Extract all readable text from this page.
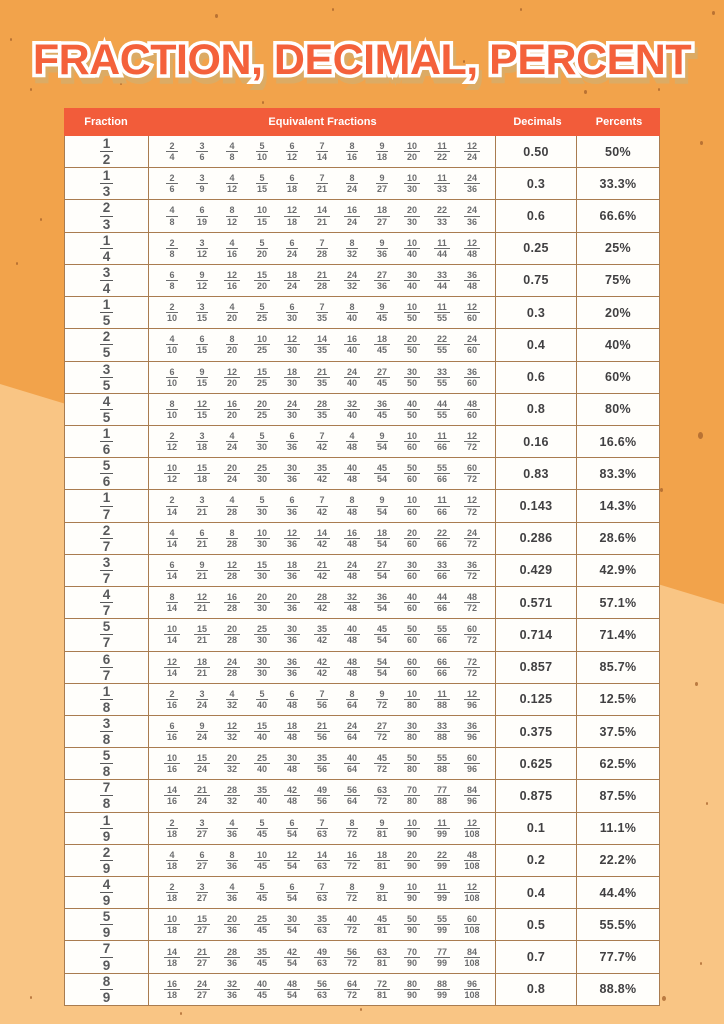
FRACTION, DECIMAL, PERCENT
Fraction	Equivalent Fractions	Decimals	Percents
$\frac{1}{2}$	$\frac{2}{4} \frac{3}{6} \frac{4}{8} \frac{5}{10} \frac{6}{12} \frac{7}{14} \frac{8}{16} \frac{9}{18} \frac{10}{20} \frac{11}{22} \frac{12}{24}$	0.50	50%
$\frac{1}{3}$	$\frac{2}{6} \frac{3}{9} \frac{4}{12} \frac{5}{15} \frac{6}{18} \frac{7}{21} \frac{8}{24} \frac{9}{27} \frac{10}{30} \frac{11}{33} \frac{24}{36}$	0.3	33.3%
$\frac{2}{3}$	$\frac{4}{8} \frac{6}{19} \frac{8}{12} \frac{10}{15} \frac{12}{18} \frac{14}{21} \frac{16}{24} \frac{18}{27} \frac{20}{30} \frac{22}{33} \frac{24}{36}$	0.6	66.6%
$\frac{1}{4}$	$\frac{2}{8} \frac{3}{12} \frac{4}{16} \frac{5}{20} \frac{6}{24} \frac{7}{28} \frac{8}{32} \frac{9}{36} \frac{10}{40} \frac{11}{44} \frac{12}{48}$	0.25	25%
$\frac{3}{4}$	$\frac{6}{8} \frac{9}{12} \frac{12}{16} \frac{15}{20} \frac{18}{24} \frac{21}{28} \frac{24}{32} \frac{27}{36} \frac{30}{40} \frac{33}{44} \frac{36}{48}$	0.75	75%
$\frac{1}{5}$	$\frac{2}{10} \frac{3}{15} \frac{4}{20} \frac{5}{25} \frac{6}{30} \frac{7}{35} \frac{8}{40} \frac{9}{45} \frac{10}{50} \frac{11}{55} \frac{12}{60}$	0.3	20%
$\frac{2}{5}$	$\frac{4}{10} \frac{6}{15} \frac{8}{20} \frac{10}{25} \frac{12}{30} \frac{14}{35} \frac{16}{40} \frac{18}{45} \frac{20}{50} \frac{22}{55} \frac{24}{60}$	0.4	40%
$\frac{3}{5}$	$\frac{6}{10} \frac{9}{15} \frac{12}{20} \frac{15}{25} \frac{18}{30} \frac{21}{35} \frac{24}{40} \frac{27}{45} \frac{30}{50} \frac{33}{55} \frac{36}{60}$	0.6	60%
$\frac{4}{5}$	$\frac{8}{10} \frac{12}{15} \frac{16}{20} \frac{20}{25} \frac{24}{30} \frac{28}{35} \frac{32}{40} \frac{36}{45} \frac{40}{50} \frac{44}{55} \frac{48}{60}$	0.8	80%
$\frac{1}{6}$	$\frac{2}{12} \frac{3}{18} \frac{4}{24} \frac{5}{30} \frac{6}{36} \frac{7}{42} \frac{4}{48} \frac{9}{54} \frac{10}{60} \frac{11}{66} \frac{12}{72}$	0.16	16.6%
$\frac{5}{6}$	$\frac{10}{12} \frac{15}{18} \frac{20}{24} \frac{25}{30} \frac{30}{36} \frac{35}{42} \frac{40}{48} \frac{45}{54} \frac{50}{60} \frac{55}{66} \frac{60}{72}$	0.83	83.3%
$\frac{1}{7}$	$\frac{2}{14} \frac{3}{21} \frac{4}{28} \frac{5}{30} \frac{6}{36} \frac{7}{42} \frac{8}{48} \frac{9}{54} \frac{10}{60} \frac{11}{66} \frac{12}{72}$	0.143	14.3%
$\frac{2}{7}$	$\frac{4}{14} \frac{6}{21} \frac{8}{28} \frac{10}{30} \frac{12}{36} \frac{14}{42} \frac{16}{48} \frac{18}{54} \frac{20}{60} \frac{22}{66} \frac{24}{72}$	0.286	28.6%
$\frac{3}{7}$	$\frac{6}{14} \frac{9}{21} \frac{12}{28} \frac{15}{30} \frac{18}{36} \frac{21}{42} \frac{24}{48} \frac{27}{54} \frac{30}{60} \frac{33}{66} \frac{36}{72}$	0.429	42.9%
$\frac{4}{7}$	$\frac{8}{14} \frac{12}{21} \frac{16}{28} \frac{20}{30} \frac{20}{36} \frac{28}{42} \frac{32}{48} \frac{36}{54} \frac{40}{60} \frac{44}{66} \frac{48}{72}$	0.571	57.1%
$\frac{5}{7}$	$\frac{10}{14} \frac{15}{21} \frac{20}{28} \frac{25}{30} \frac{30}{36} \frac{35}{42} \frac{40}{48} \frac{45}{54} \frac{50}{60} \frac{55}{66} \frac{60}{72}$	0.714	71.4%
$\frac{6}{7}$	$\frac{12}{14} \frac{18}{21} \frac{24}{28} \frac{30}{30} \frac{36}{36} \frac{42}{42} \frac{48}{48} \frac{54}{54} \frac{60}{60} \frac{66}{66} \frac{72}{72}$	0.857	85.7%
$\frac{1}{8}$	$\frac{2}{16} \frac{3}{24} \frac{4}{32} \frac{5}{40} \frac{6}{48} \frac{7}{56} \frac{8}{64} \frac{9}{72} \frac{10}{80} \frac{11}{88} \frac{12}{96}$	0.125	12.5%
$\frac{3}{8}$	$\frac{6}{16} \frac{9}{24} \frac{12}{32} \frac{15}{40} \frac{18}{48} \frac{21}{56} \frac{24}{64} \frac{27}{72} \frac{30}{80} \frac{33}{88} \frac{36}{96}$	0.375	37.5%
$\frac{5}{8}$	$\frac{10}{16} \frac{15}{24} \frac{20}{32} \frac{25}{40} \frac{30}{48} \frac{35}{56} \frac{40}{64} \frac{45}{72} \frac{50}{80} \frac{55}{88} \frac{60}{96}$	0.625	62.5%
$\frac{7}{8}$	$\frac{14}{16} \frac{21}{24} \frac{28}{32} \frac{35}{40} \frac{42}{48} \frac{49}{56} \frac{56}{64} \frac{63}{72} \frac{70}{80} \frac{77}{88} \frac{84}{96}$	0.875	87.5%
$\frac{1}{9}$	$\frac{2}{18} \frac{3}{27} \frac{4}{36} \frac{5}{45} \frac{6}{54} \frac{7}{63} \frac{8}{72} \frac{9}{81} \frac{10}{90} \frac{11}{99} \frac{12}{108}$	0.1	11.1%
$\frac{2}{9}$	$\frac{4}{18} \frac{6}{27} \frac{8}{36} \frac{10}{45} \frac{12}{54} \frac{14}{63} \frac{16}{72} \frac{18}{81} \frac{20}{90} \frac{22}{99} \frac{48}{108}$	0.2	22.2%
$\frac{4}{9}$	$\frac{2}{18} \frac{3}{27} \frac{4}{36} \frac{5}{45} \frac{6}{54} \frac{7}{63} \frac{8}{72} \frac{9}{81} \frac{10}{90} \frac{11}{99} \frac{12}{108}$	0.4	44.4%
$\frac{5}{9}$	$\frac{10}{18} \frac{15}{27} \frac{20}{36} \frac{25}{45} \frac{30}{54} \frac{35}{63} \frac{40}{72} \frac{45}{81} \frac{50}{90} \frac{55}{99} \frac{60}{108}$	0.5	55.5%
$\frac{7}{9}$	$\frac{14}{18} \frac{21}{27} \frac{28}{36} \frac{35}{45} \frac{42}{54} \frac{49}{63} \frac{56}{72} \frac{63}{81} \frac{70}{90} \frac{77}{99} \frac{84}{108}$	0.7	77.7%
$\frac{8}{9}$	$\frac{16}{18} \frac{24}{27} \frac{32}{36} \frac{40}{45} \frac{48}{54} \frac{56}{63} \frac{64}{72} \frac{72}{81} \frac{80}{90} \frac{88}{99} \frac{96}{108}$	0.8	88.8%
